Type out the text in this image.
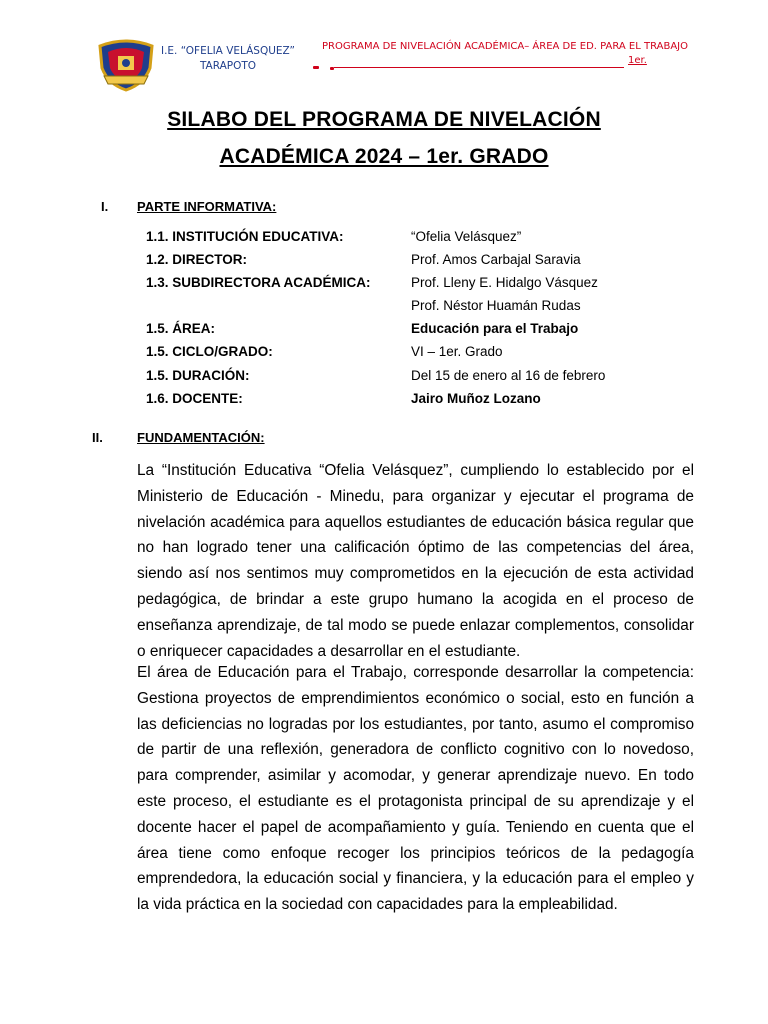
I.E. “OFELIA VELÁSQUEZ”
TARAPOTO
PROGRAMA DE NIVELACIÓN ACADÉMICA– ÁREA DE ED. PARA EL TRABAJO
1er.
SILABO DEL PROGRAMA DE NIVELACIÓN
ACADÉMICA 2024 – 1er. GRADO
I. PARTE INFORMATIVA:
1.1. INSTITUCIÓN EDUCATIVA:	“Ofelia Velásquez”
1.2. DIRECTOR:	Prof. Amos Carbajal Saravia
1.3. SUBDIRECTORA ACADÉMICA:	Prof. Lleny E. Hidalgo Vásquez
Prof. Néstor Huamán Rudas
1.5. ÁREA:	Educación para el Trabajo
1.5. CICLO/GRADO:	VI – 1er. Grado
1.5. DURACIÓN:	Del 15 de enero al 16 de febrero
1.6. DOCENTE:	Jairo Muñoz Lozano
II.	FUNDAMENTACIÓN:
La “Institución Educativa “Ofelia Velásquez”, cumpliendo lo establecido por el Ministerio de Educación - Minedu, para organizar y ejecutar el programa de nivelación académica para aquellos estudiantes de educación básica regular que no han logrado tener una calificación óptimo de las competencias del área, siendo así nos sentimos muy comprometidos en la ejecución de esta actividad pedagógica, de brindar a este grupo humano la acogida en el proceso de enseñanza aprendizaje, de tal modo se puede enlazar complementos, consolidar o enriquecer capacidades a desarrollar en el estudiante.
El área de Educación para el Trabajo, corresponde desarrollar la competencia: Gestiona proyectos de emprendimientos económico o social, esto en función a las deficiencias no logradas por los estudiantes, por tanto, asumo el compromiso de partir de una reflexión, generadora de conflicto cognitivo con lo novedoso, para comprender, asimilar y acomodar, y generar aprendizaje nuevo. En todo este proceso, el estudiante es el protagonista principal de su aprendizaje y el docente hacer el papel de acompañamiento y guía. Teniendo en cuenta que el área tiene como enfoque recoger los principios teóricos de la pedagogía emprendedora, la educación social y financiera, y la educación para el empleo y la vida práctica en la sociedad con capacidades para la empleabilidad.
